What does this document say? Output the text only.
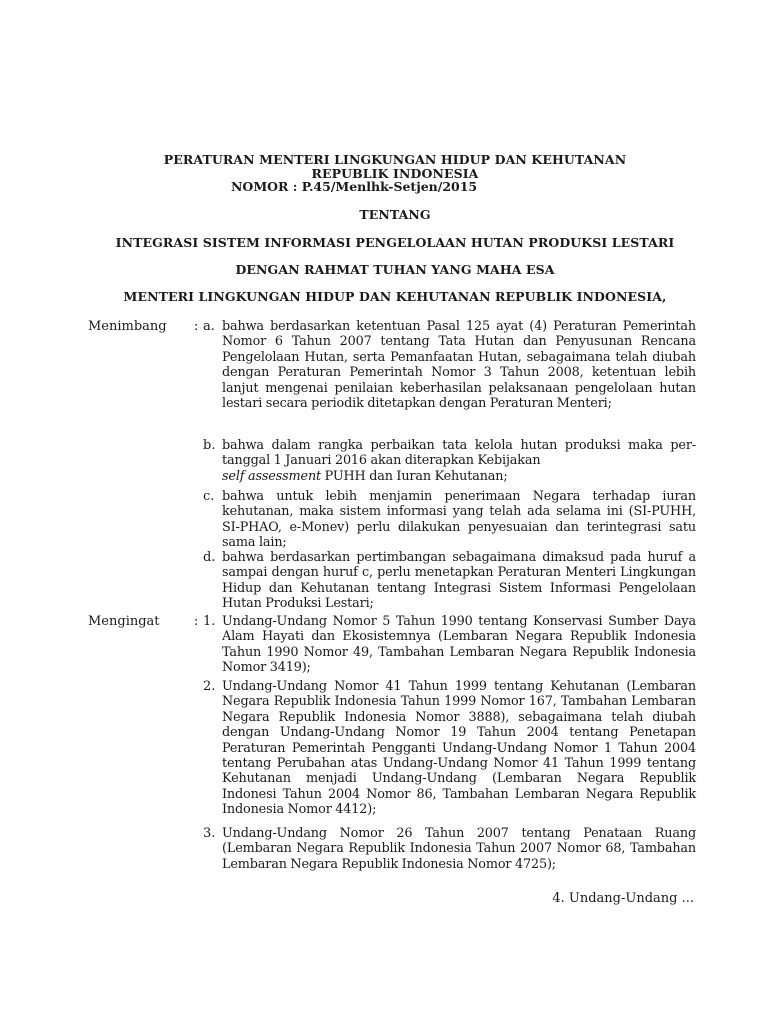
PERATURAN MENTERI LINGKUNGAN HIDUP DAN KEHUTANAN
REPUBLIK INDONESIA
NOMOR : P.45/Menlhk-Setjen/2015
TENTANG
INTEGRASI SISTEM INFORMASI PENGELOLAAN HUTAN PRODUKSI LESTARI
DENGAN RAHMAT TUHAN YANG MAHA ESA
MENTERI LINGKUNGAN HIDUP DAN KEHUTANAN REPUBLIK INDONESIA,
Menimbang : a. bahwa berdasarkan ketentuan Pasal 125 ayat (4) Peraturan Pemerintah Nomor 6 Tahun 2007 tentang Tata Hutan dan Penyusunan Rencana Pengelolaan Hutan, serta Pemanfaatan Hutan, sebagaimana telah diubah dengan Peraturan Pemerintah Nomor 3 Tahun 2008, ketentuan lebih lanjut mengenai penilaian keberhasilan pelaksanaan pengelolaan hutan lestari secara periodik ditetapkan dengan Peraturan Menteri;
b. bahwa dalam rangka perbaikan tata kelola hutan produksi maka per-tanggal 1 Januari 2016 akan diterapkan Kebijakan
self assessment PUHH dan Iuran Kehutanan;
c. bahwa untuk lebih menjamin penerimaan Negara terhadap iuran kehutanan, maka sistem informasi yang telah ada selama ini (SI-PUHH, SI-PHAO, e-Monev) perlu dilakukan penyesuaian dan terintegrasi satu sama lain;
d. bahwa berdasarkan pertimbangan sebagaimana dimaksud pada huruf a sampai dengan huruf c, perlu menetapkan Peraturan Menteri Lingkungan Hidup dan Kehutanan tentang Integrasi Sistem Informasi Pengelolaan Hutan Produksi Lestari;
Mengingat	: 1. Undang-Undang Nomor 5 Tahun 1990 tentang Konservasi Sumber Daya Alam Hayati dan Ekosistemnya (Lembaran Negara Republik Indonesia Tahun 1990 Nomor 49, Tambahan Lembaran Negara Republik Indonesia Nomor 3419);
2. Undang-Undang Nomor 41 Tahun 1999 tentang Kehutanan (Lembaran Negara Republik Indonesia Tahun 1999 Nomor 167, Tambahan Lembaran Negara Republik Indonesia Nomor 3888), sebagaimana telah diubah dengan Undang-Undang Nomor 19 Tahun 2004 tentang Penetapan Peraturan Pemerintah Pengganti Undang-Undang Nomor 1 Tahun 2004 tentang Perubahan atas Undang-Undang Nomor 41 Tahun 1999 tentang Kehutanan menjadi Undang-Undang (Lembaran Negara Republik Indonesi Tahun 2004 Nomor 86, Tambahan Lembaran Negara Republik Indonesia Nomor 4412);
3. Undang-Undang Nomor 26 Tahun 2007 tentang Penataan Ruang (Lembaran Negara Republik Indonesia Tahun 2007 Nomor 68, Tambahan Lembaran Negara Republik Indonesia Nomor 4725);
4. Undang-Undang ...
